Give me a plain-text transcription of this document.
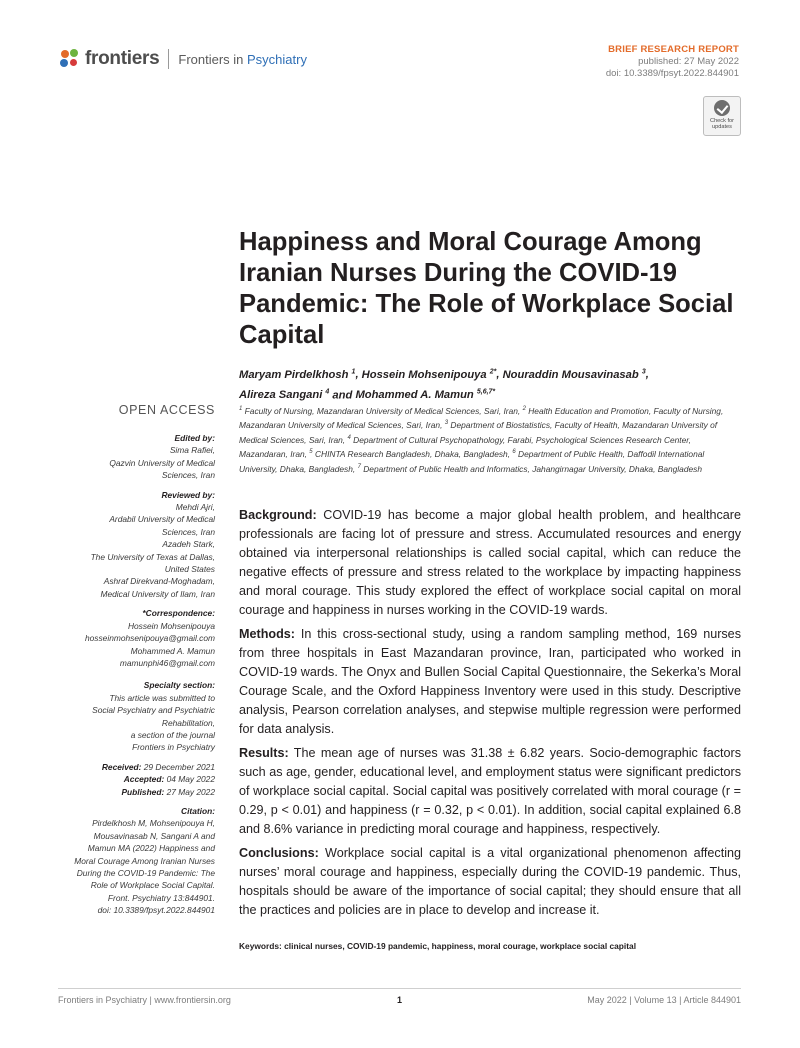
frontiers Frontiers in Psychiatry
BRIEF RESEARCH REPORT
published: 27 May 2022
doi: 10.3389/fpsyt.2022.844901
Check for
updates
Happiness and Moral Courage Among Iranian Nurses During the COVID-19 Pandemic: The Role of Workplace Social Capital
Maryam Pirdelkhosh $^1$, Hossein Mohsenipouya $^{2*}$, Nouraddin Mousavinasab $^3$,
Alireza Sangani $^4$ and Mohammed A. Mamun $^{5,6,7*}$
$^1$ Faculty of Nursing, Mazandaran University of Medical Sciences, Sari, Iran, $^2$ Health Education and Promotion, Faculty of Nursing, Mazandaran University of Medical Sciences, Sari, Iran, $^3$ Department of Biostatistics, Faculty of Health, Mazandaran University of Medical Sciences, Sari, Iran, $^4$ Department of Cultural Psychopathology, Farabi, Psychological Sciences Research Center, Mazandaran, Iran, $^5$ CHINTA Research Bangladesh, Dhaka, Bangladesh, $^6$ Department of Public Health, Daffodil International University, Dhaka, Bangladesh, $^7$ Department of Public Health and Informatics, Jahangirnagar University, Dhaka, Bangladesh
OPEN ACCESS
Edited by:
Sima Rafiei,
Qazvin University of Medical
Sciences, Iran
Reviewed by:
Mehdi Ajri,
Ardabil University of Medical
Sciences, Iran
Azadeh Stark,
The University of Texas at Dallas,
United States
Ashraf Direkvand-Moghadam,
Medical University of Ilam, Iran
*Correspondence:
Hossein Mohsenipouya
hosseinmohsenipouya@gmail.com
Mohammed A. Mamun
mamunphi46@gmail.com
Specialty section:
This article was submitted to
Social Psychiatry and Psychiatric
Rehabilitation,
a section of the journal
Frontiers in Psychiatry
Received: 29 December 2021
Accepted: 04 May 2022
Published: 27 May 2022
Citation:
Pirdelkhosh M, Mohsenipouya H,
Mousavinasab N, Sangani A and
Mamun MA (2022) Happiness and
Moral Courage Among Iranian Nurses
During the COVID-19 Pandemic: The
Role of Workplace Social Capital.
Front. Psychiatry 13:844901.
doi: 10.3389/fpsyt.2022.844901

Background: COVID-19 has become a major global health problem, and healthcare professionals are facing lot of pressure and stress. Accumulated resources and energy obtained via interpersonal relationships is called social capital, which can reduce the negative effects of pressure and stress related to the workplace by impacting happiness and moral courage. This study explored the effect of workplace social capital on moral courage and happiness in nurses working in the COVID-19 wards.

Methods: In this cross-sectional study, using a random sampling method, 169 nurses from three hospitals in East Mazandaran province, Iran, participated who worked in COVID-19 wards. The Onyx and Bullen Social Capital Questionnaire, the Sekerka’s Moral Courage Scale, and the Oxford Happiness Inventory were used in this study. Descriptive analysis, Pearson correlation analyses, and stepwise multiple regression were performed for data analysis.

Results: The mean age of nurses was 31.38 ± 6.82 years. Socio-demographic factors such as age, gender, educational level, and employment status were significant predictors of workplace social capital. Social capital was positively correlated with moral courage (r = 0.29, p < 0.01) and happiness (r = 0.32, p < 0.01). In addition, social capital explained 6.8 and 8.6% variance in predicting moral courage and happiness, respectively.

Conclusions: Workplace social capital is a vital organizational phenomenon affecting nurses’ moral courage and happiness, especially during the COVID-19 pandemic. Thus, hospitals should be aware of the importance of social capital; they should ensure that all the practices and policies are in place to develop and increase it.

Keywords: clinical nurses, COVID-19 pandemic, happiness, moral courage, workplace social capital
Frontiers in Psychiatry | www.frontiersin.org	1	May 2022 | Volume 13 | Article 844901
